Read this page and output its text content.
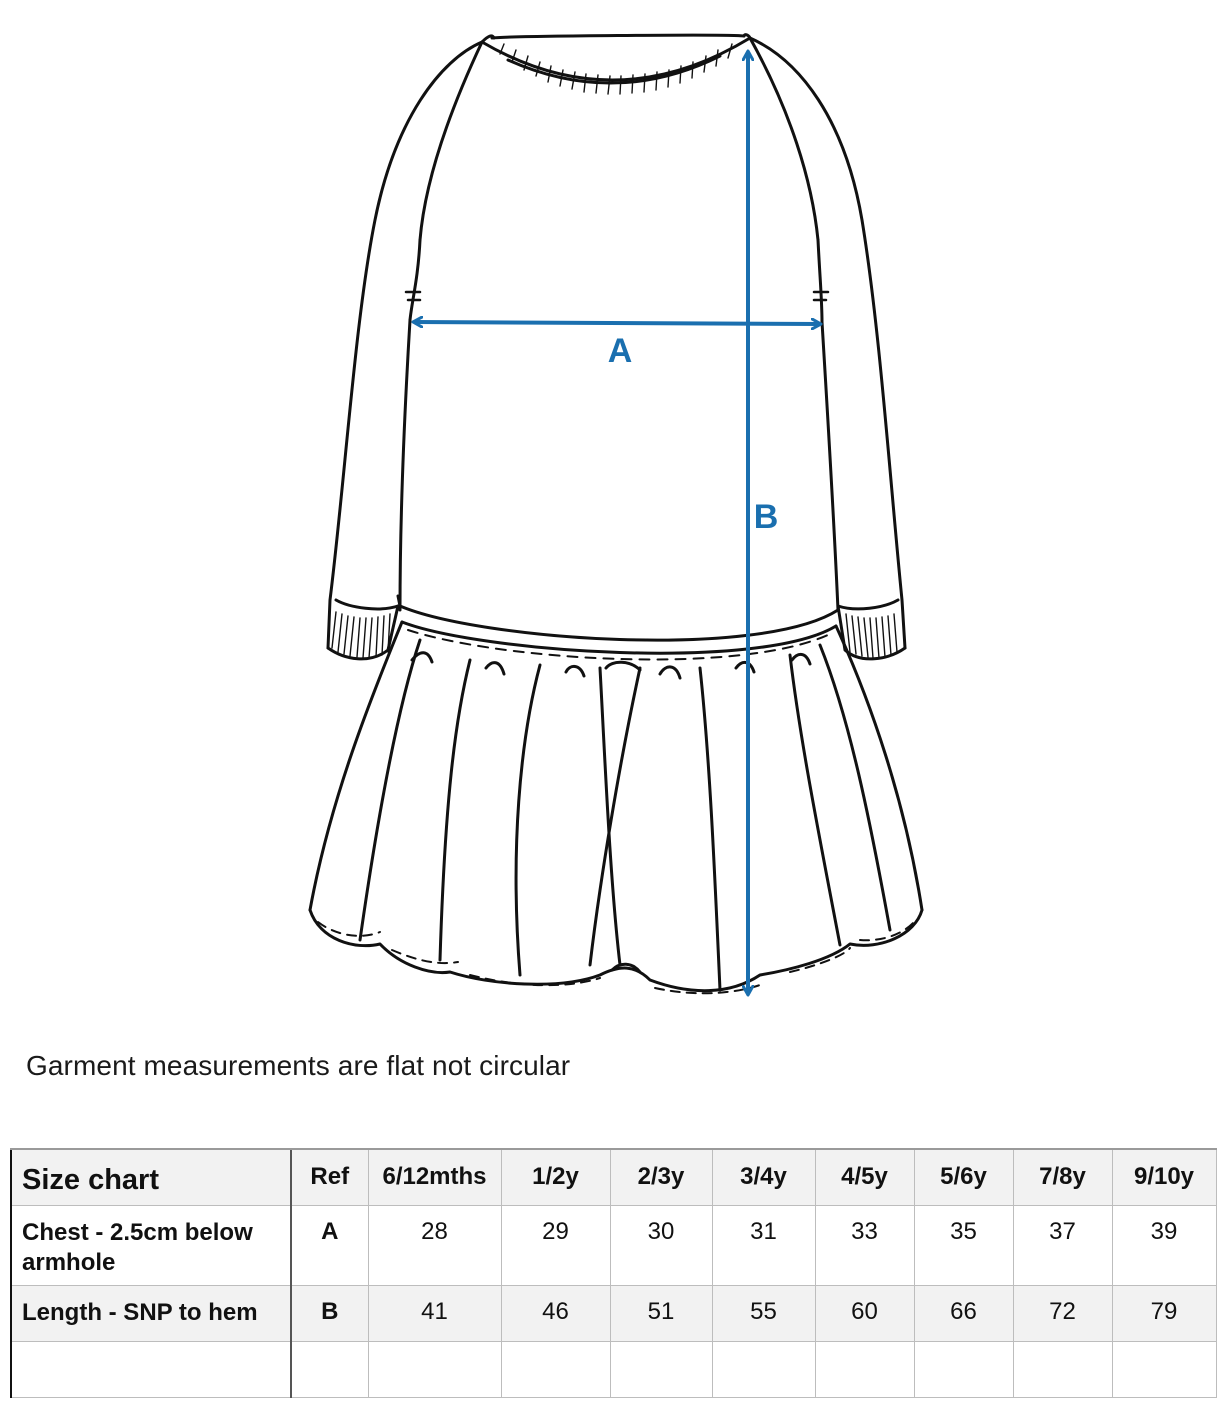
A
B
Garment measurements are flat not circular
Size chart	Ref	6/12mths	1/2y	2/3y	3/4y	4/5y	5/6y	7/8y	9/10y
Chest - 2.5cm below armhole	A	28	29	30	31	33	35	37	39
Length - SNP to hem	B	41	46	51	55	60	66	72	79
